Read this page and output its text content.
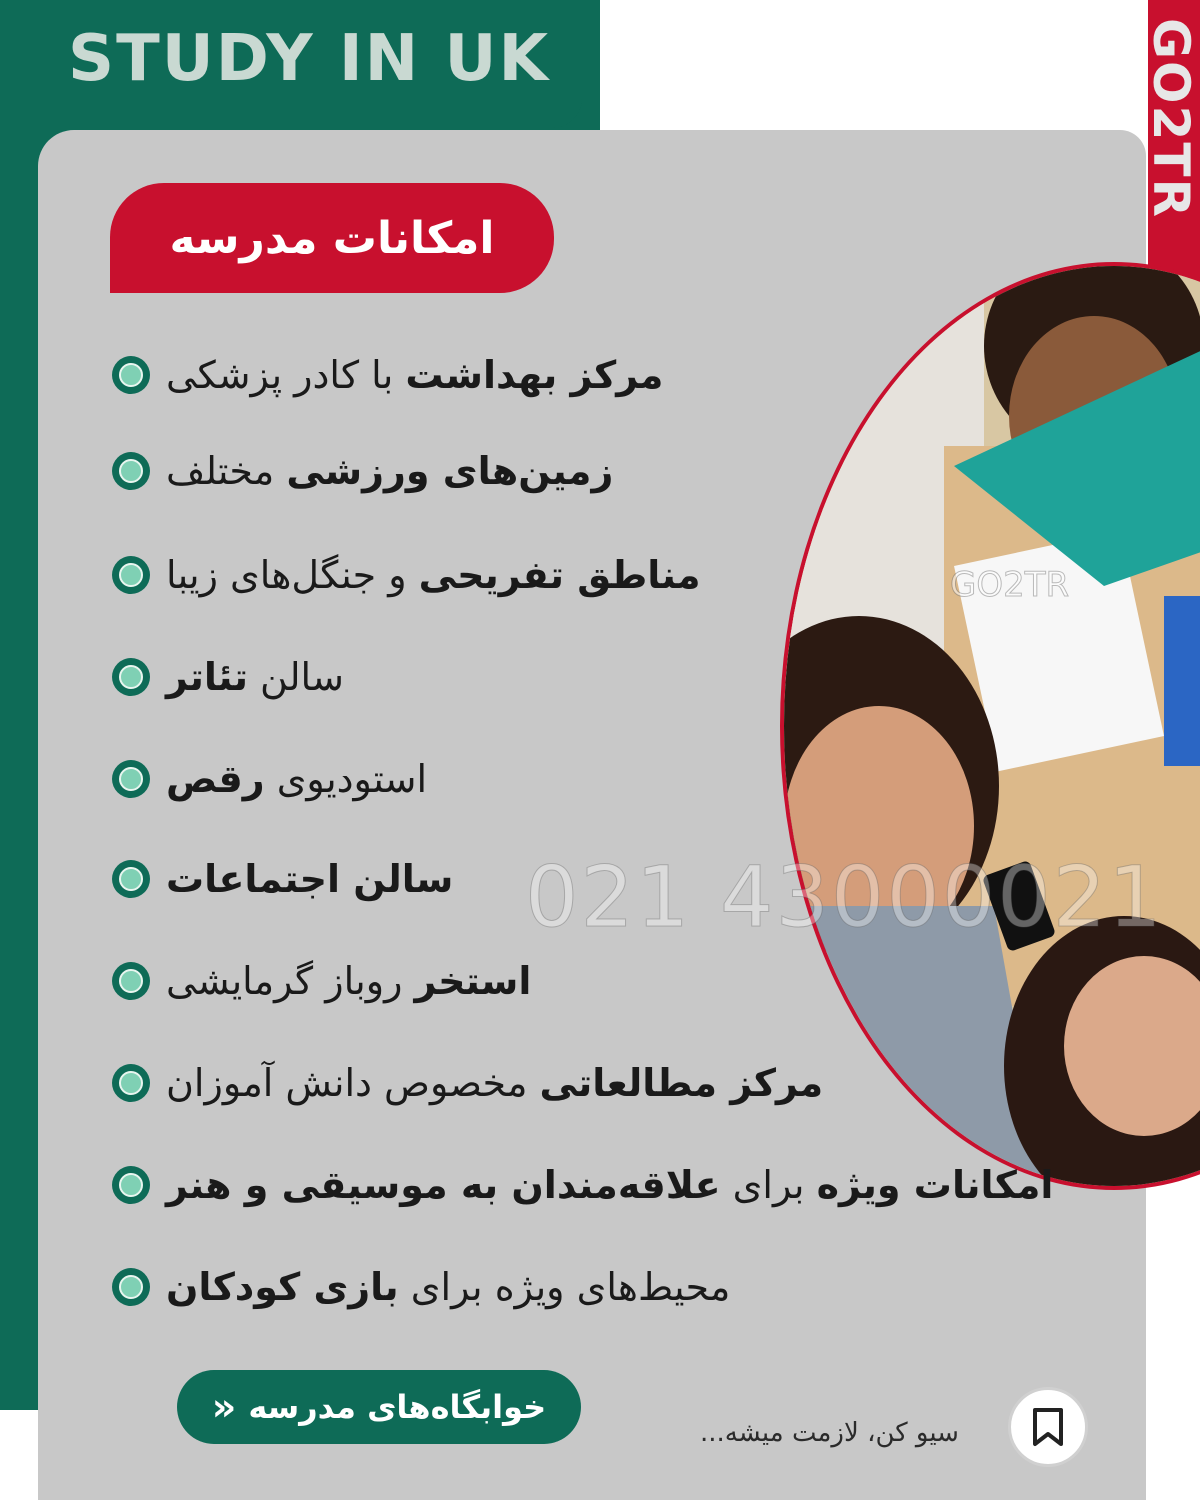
STUDY IN UK	GO2TR
GO2TR
امکانات مدرسه
مرکز بهداشت با کادر پزشکی
زمین‌های ورزشی مختلف
مناطق تفریحی و جنگل‌های زیبا
سالن تئاتر
استودیوی رقص
سالن اجتماعات
استخر روباز گرمایشی
مرکز مطالعاتی مخصوص دانش آموزان
امکانات ویژه برای علاقه‌مندان به موسیقی و هنر
محیط‌های ویژه برای بازی کودکان
021 43000021
خوابگاه‌های مدرسه
«
سیو کن، لازمت میشه...
